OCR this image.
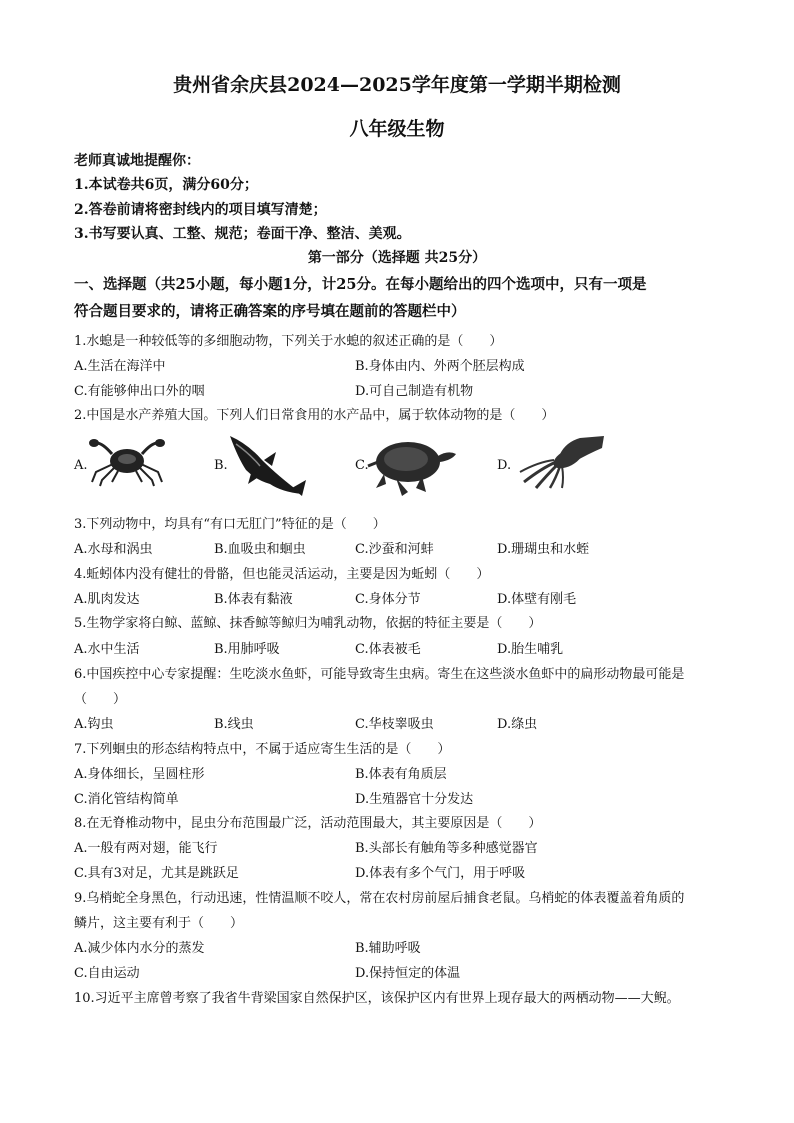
贵州省余庆县2024—2025学年度第一学期半期检测
八年级生物
老师真诚地提醒你：
1.本试卷共6页，满分60分；
2.答卷前请将密封线内的项目填写清楚；
3.书写要认真、工整、规范；卷面干净、整洁、美观。
第一部分（选择题 共25分）
一、选择题（共25小题，每小题1分，计25分。在每小题给出的四个选项中，只有一项是
符合题目要求的，请将正确答案的序号填在题前的答题栏中）
1.水螅是一种较低等的多细胞动物，下列关于水螅的叙述正确的是（　　）
A.生活在海洋中	B.身体由内、外两个胚层构成
C.有能够伸出口外的咽	D.可自己制造有机物
2.中国是水产养殖大国。下列人们日常食用的水产品中，属于软体动物的是（　　）
A.	B.	C.	D.
3.下列动物中，均具有“有口无肛门”特征的是（　　）
A.水母和涡虫	B.血吸虫和蛔虫	C.沙蚕和河蚌	D.珊瑚虫和水蛭
4.蚯蚓体内没有健壮的骨骼，但也能灵活运动，主要是因为蚯蚓（　　）
A.肌肉发达	B.体表有黏液	C.身体分节	D.体壁有刚毛
5.生物学家将白鲸、蓝鲸、抹香鲸等鲸归为哺乳动物，依据的特征主要是（　　）
A.水中生活	B.用肺呼吸	C.体表被毛	D.胎生哺乳
6.中国疾控中心专家提醒：生吃淡水鱼虾，可能导致寄生虫病。寄生在这些淡水鱼虾中的扁形动物最可能是
（　　）
A.钩虫	B.线虫	C.华枝睾吸虫	D.绦虫
7.下列蛔虫的形态结构特点中，不属于适应寄生生活的是（　　）
A.身体细长，呈圆柱形	B.体表有角质层
C.消化管结构简单	D.生殖器官十分发达
8.在无脊椎动物中，昆虫分布范围最广泛，活动范围最大，其主要原因是（　　）
A.一般有两对翅，能飞行	B.头部长有触角等多种感觉器官
C.具有3对足，尤其是跳跃足	D.体表有多个气门，用于呼吸
9.乌梢蛇全身黑色，行动迅速，性情温顺不咬人，常在农村房前屋后捕食老鼠。乌梢蛇的体表覆盖着角质的
鳞片，这主要有利于（　　）
A.减少体内水分的蒸发	B.辅助呼吸
C.自由运动	D.保持恒定的体温
10.习近平主席曾考察了我省牛背梁国家自然保护区，该保护区内有世界上现存最大的两栖动物——大鲵。
